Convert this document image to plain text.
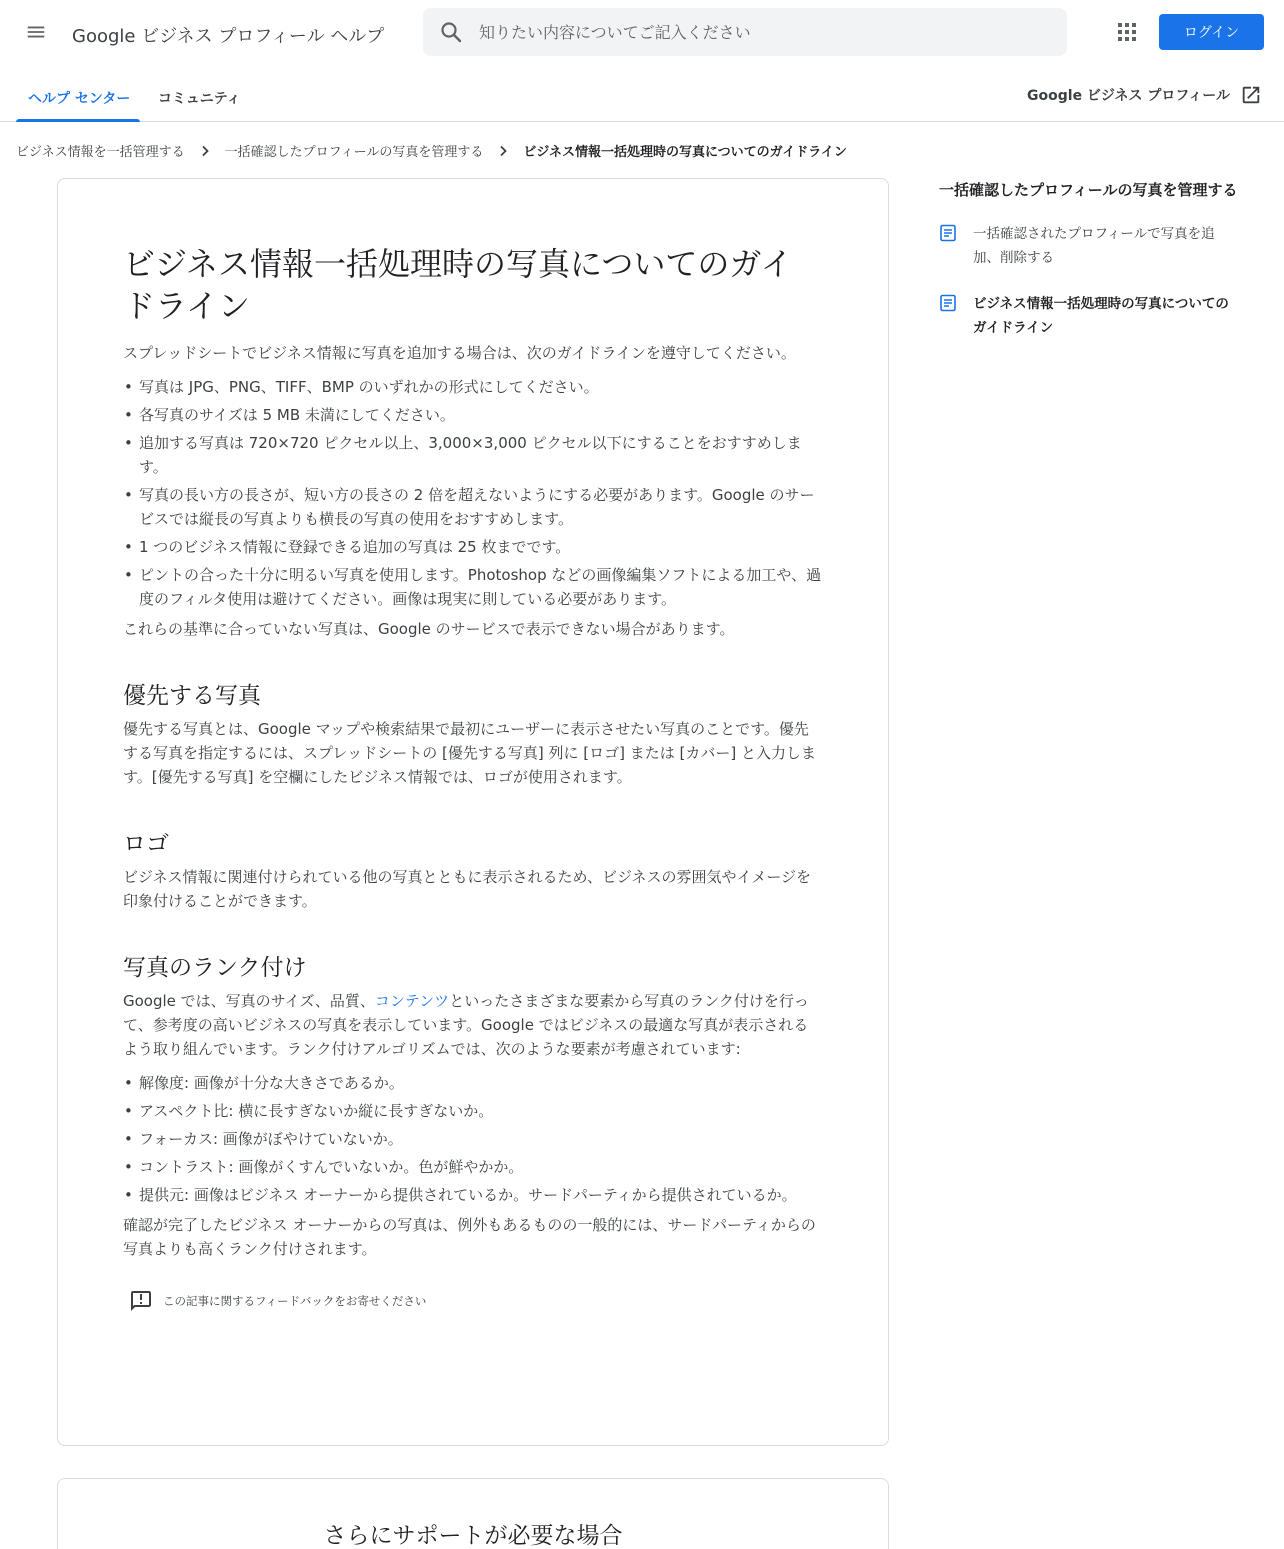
Google ビジネス プロフィール ヘルプ
知りたい内容についてご記入ください	ログイン
ヘルプ センター コミュニティ	Google ビジネス プロフィール
ビジネス情報を一括管理する	一括確認したプロフィールの写真を管理する	ビジネス情報一括処理時の写真についてのガイドライン
ビジネス情報一括処理時の写真についてのガイドライン

スプレッドシートでビジネス情報に写真を追加する場合は、次のガイドラインを遵守してください。

• 写真は JPG、PNG、TIFF、BMP のいずれかの形式にしてください。
• 各写真のサイズは 5 MB 未満にしてください。
• 追加する写真は 720×720 ピクセル以上、3,000×3,000 ピクセル以下にすることをおすすめします。
• 写真の長い方の長さが、短い方の長さの 2 倍を超えないようにする必要があります。Google のサービスでは縦長の写真よりも横長の写真の使用をおすすめします。
• 1 つのビジネス情報に登録できる追加の写真は 25 枚までです。
• ピントの合った十分に明るい写真を使用します。Photoshop などの画像編集ソフトによる加工や、過度のフィルタ使用は避けてください。画像は現実に則している必要があります。

これらの基準に合っていない写真は、Google のサービスで表示できない場合があります。

優先する写真

優先する写真とは、Google マップや検索結果で最初にユーザーに表示させたい写真のことです。優先する写真を指定するには、スプレッドシートの [優先する写真] 列に [ロゴ] または [カバー] と入力します。[優先する写真] を空欄にしたビジネス情報では、ロゴが使用されます。

ロゴ

ビジネス情報に関連付けられている他の写真とともに表示されるため、ビジネスの雰囲気やイメージを印象付けることができます。

写真のランク付け

Google では、写真のサイズ、品質、コンテンツといったさまざまな要素から写真のランク付けを行って、参考度の高いビジネスの写真を表示しています。Google ではビジネスの最適な写真が表示されるよう取り組んでいます。ランク付けアルゴリズムでは、次のような要素が考慮されています:

• 解像度: 画像が十分な大きさであるか。
• アスペクト比: 横に長すぎないか縦に長すぎないか。
• フォーカス: 画像がぼやけていないか。
• コントラスト: 画像がくすんでいないか。色が鮮やかか。
• 提供元: 画像はビジネス オーナーから提供されているか。サードパーティから提供されているか。

確認が完了したビジネス オーナーからの写真は、例外もあるものの一般的には、サードパーティからの写真よりも高くランク付けされます。

この記事に関するフィードバックをお寄せください
さらにサポートが必要な場合
一括確認したプロフィールの写真を管理する
一括確認されたプロフィールで写真を追加、削除する
ビジネス情報一括処理時の写真についてのガイドライン
